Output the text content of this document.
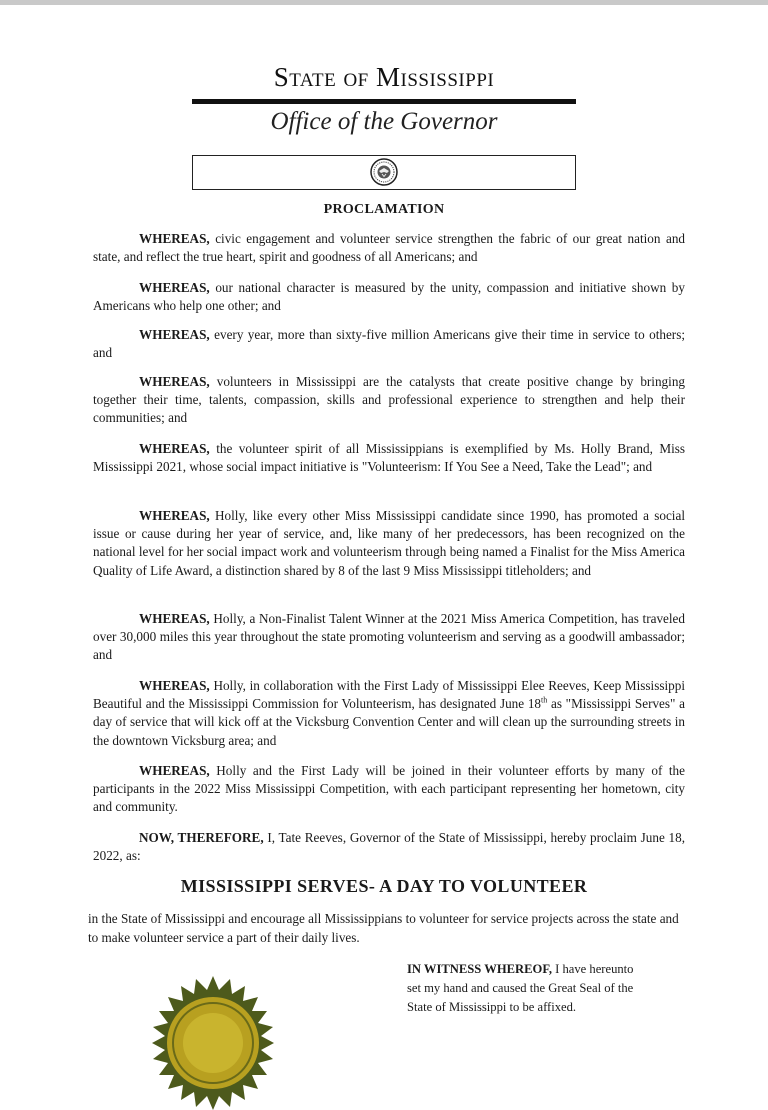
State of Mississippi
Office of the Governor
PROCLAMATION

WHEREAS, civic engagement and volunteer service strengthen the fabric of our great nation and state, and reflect the true heart, spirit and goodness of all Americans; and

WHEREAS, our national character is measured by the unity, compassion and initiative shown by Americans who help one other; and

WHEREAS, every year, more than sixty-five million Americans give their time in service to others; and

WHEREAS, volunteers in Mississippi are the catalysts that create positive change by bringing together their time, talents, compassion, skills and professional experience to strengthen and help their communities; and

WHEREAS, the volunteer spirit of all Mississippians is exemplified by Ms. Holly Brand, Miss Mississippi 2021, whose social impact initiative is "Volunteerism: If You See a Need, Take the Lead"; and

WHEREAS, Holly, like every other Miss Mississippi candidate since 1990, has promoted a social issue or cause during her year of service, and, like many of her predecessors, has been recognized on the national level for her social impact work and volunteerism through being named a Finalist for the Miss America Quality of Life Award, a distinction shared by 8 of the last 9 Miss Mississippi titleholders; and

WHEREAS, Holly, a Non-Finalist Talent Winner at the 2021 Miss America Competition, has traveled over 30,000 miles this year throughout the state promoting volunteerism and serving as a goodwill ambassador; and

WHEREAS, Holly, in collaboration with the First Lady of Mississippi Elee Reeves, Keep Mississippi Beautiful and the Mississippi Commission for Volunteerism, has designated June 18th as "Mississippi Serves" a day of service that will kick off at the Vicksburg Convention Center and will clean up the surrounding streets in the downtown Vicksburg area; and

WHEREAS, Holly and the First Lady will be joined in their volunteer efforts by many of the participants in the 2022 Miss Mississippi Competition, with each participant representing her hometown, city and community.

NOW, THEREFORE, I, Tate Reeves, Governor of the State of Mississippi, hereby proclaim June 18, 2022, as:

MISSISSIPPI SERVES- A DAY TO VOLUNTEER
in the State of Mississippi and encourage all Mississippians to volunteer for service projects across the state and to make volunteer service a part of their daily lives.
IN WITNESS WHEREOF, I have hereunto
set my hand and caused the Great Seal of the
State of Mississippi to be affixed.
